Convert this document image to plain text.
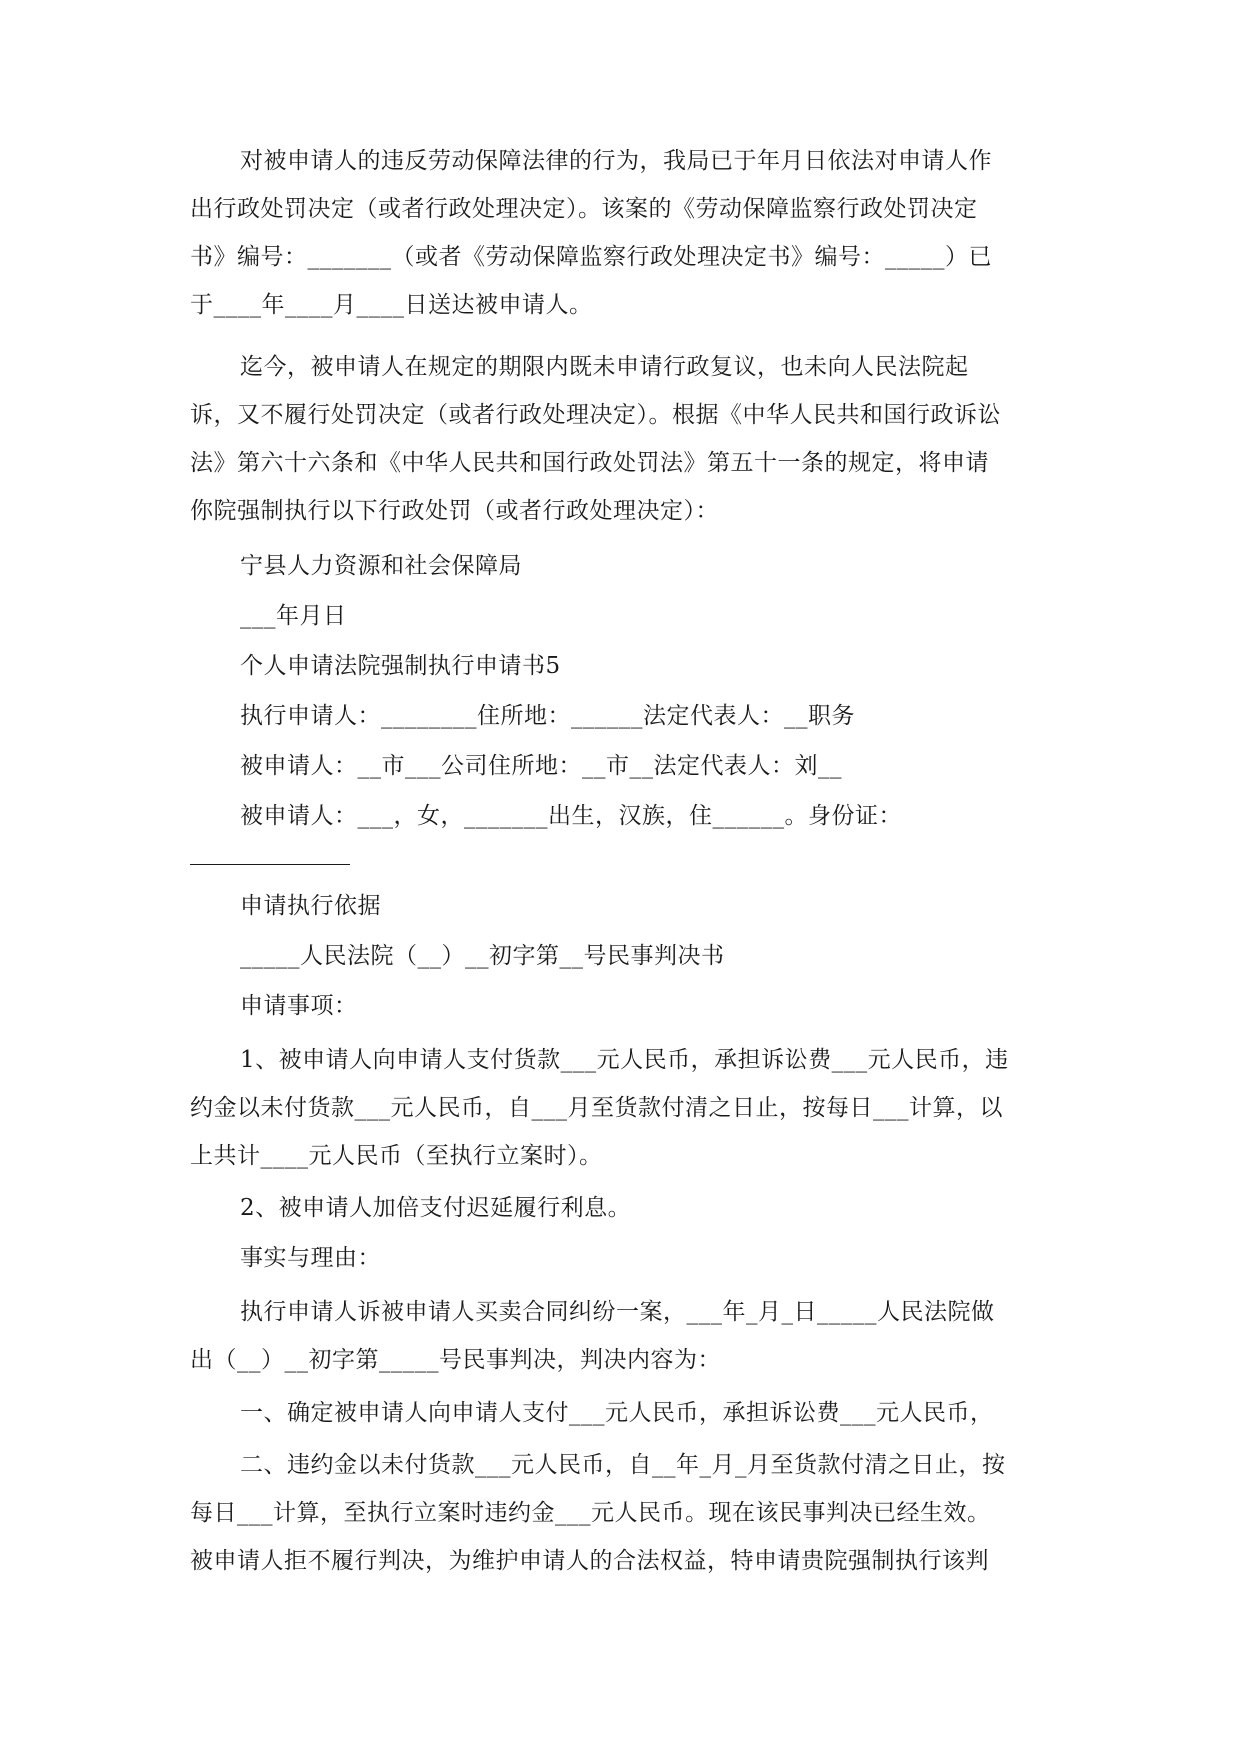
对被申请人的违反劳动保障法律的行为，我局已于年月日依法对申请人作
出行政处罚决定（或者行政处理决定）。该案的《劳动保障监察行政处罚决定
书》编号：_______（或者《劳动保障监察行政处理决定书》编号：_____）已
于____年____月____日送达被申请人。
迄今，被申请人在规定的期限内既未申请行政复议，也未向人民法院起
诉，又不履行处罚决定（或者行政处理决定）。根据《中华人民共和国行政诉讼
法》第六十六条和《中华人民共和国行政处罚法》第五十一条的规定，将申请
你院强制执行以下行政处罚（或者行政处理决定）：
宁县人力资源和社会保障局
___年月日
个人申请法院强制执行申请书5
执行申请人：________住所地：______法定代表人：__职务
被申请人：__市___公司住所地：__市__法定代表人：刘__
被申请人：___，女，_______出生，汉族，住______。身份证：
申请执行依据
_____人民法院（__）__初字第__号民事判决书
申请事项：
1、被申请人向申请人支付货款___元人民币，承担诉讼费___元人民币，违
约金以未付货款___元人民币，自___月至货款付清之日止，按每日___计算，以
上共计____元人民币（至执行立案时）。
2、被申请人加倍支付迟延履行利息。
事实与理由：
执行申请人诉被申请人买卖合同纠纷一案，___年_月_日_____人民法院做
出（__）__初字第_____号民事判决，判决内容为：
一、确定被申请人向申请人支付___元人民币，承担诉讼费___元人民币，
二、违约金以未付货款___元人民币，自__年_月_月至货款付清之日止，按
每日___计算，至执行立案时违约金___元人民币。现在该民事判决已经生效。
被申请人拒不履行判决，为维护申请人的合法权益，特申请贵院强制执行该判
